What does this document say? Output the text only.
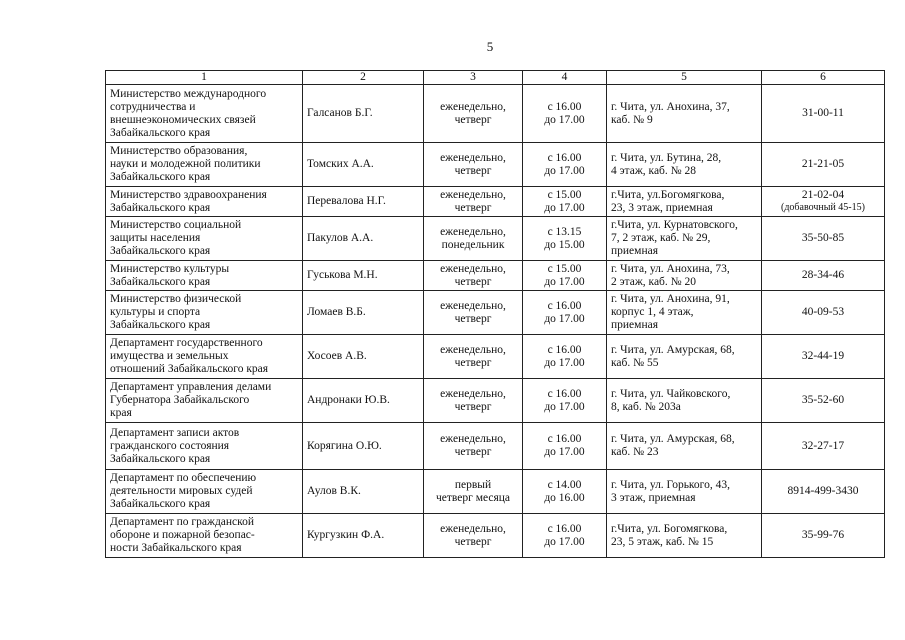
5
1	2	3	4	5	6

Министерство международного
сотрудничества и
внешнеэкономических связей
Забайкальского края	Галсанов Б.Г.	еженедельно,
четверг	с 16.00
до 17.00	г. Чита, ул. Анохина, 37,
каб. № 9	31-00-11

Министерство образования,
науки и молодежной политики
Забайкальского края	Томских А.А.	еженедельно,
четверг	с 16.00
до 17.00	г. Чита, ул. Бутина, 28,
4 этаж, каб. № 28	21-21-05

Министерство здравоохранения
Забайкальского края	Перевалова Н.Г.	еженедельно,
четверг	с 15.00
до 17.00	г.Чита, ул.Богомягкова,
23, 3 этаж, приемная	21-02-04
(добавочный 45-15)

Министерство социальной
защиты населения
Забайкальского края	Пакулов А.А.	еженедельно,
понедельник	с 13.15
до 15.00	г.Чита, ул. Курнатовского,
7, 2 этаж, каб. № 29,
приемная	35-50-85

Министерство культуры
Забайкальского края	Гуськова М.Н.	еженедельно,
четверг	с 15.00
до 17.00	г. Чита, ул. Анохина, 73,
2 этаж, каб. № 20	28-34-46

Министерство физической
культуры и спорта
Забайкальского края	Ломаев В.Б.	еженедельно,
четверг	с 16.00
до 17.00	г. Чита, ул. Анохина, 91,
корпус 1, 4 этаж,
приемная	40-09-53

Департамент государственного
имущества и земельных
отношений Забайкальского края	Хосоев А.В.	еженедельно,
четверг	с 16.00
до 17.00	г. Чита, ул. Амурская, 68,
каб. № 55	32-44-19

Департамент управления делами
Губернатора Забайкальского
края	Андронаки Ю.В.	еженедельно,
четверг	с 16.00
до 17.00	г. Чита, ул. Чайковского,
8, каб. № 203а	35-52-60

Департамент записи актов
гражданского состояния
Забайкальского края	Корягина О.Ю.	еженедельно,
четверг	с 16.00
до 17.00	г. Чита, ул. Амурская, 68,
каб. № 23	32-27-17

Департамент по обеспечению
деятельности мировых судей
Забайкальского края	Аулов В.К.	первый
четверг месяца	с 14.00
до 16.00	г. Чита, ул. Горького, 43,
3 этаж, приемная	8914-499-3430

Департамент по гражданской
обороне и пожарной безопас-
ности Забайкальского края	Кургузкин Ф.А.	еженедельно,
четверг	с 16.00
до 17.00	г.Чита, ул. Богомягкова,
23, 5 этаж, каб. № 15	35-99-76
